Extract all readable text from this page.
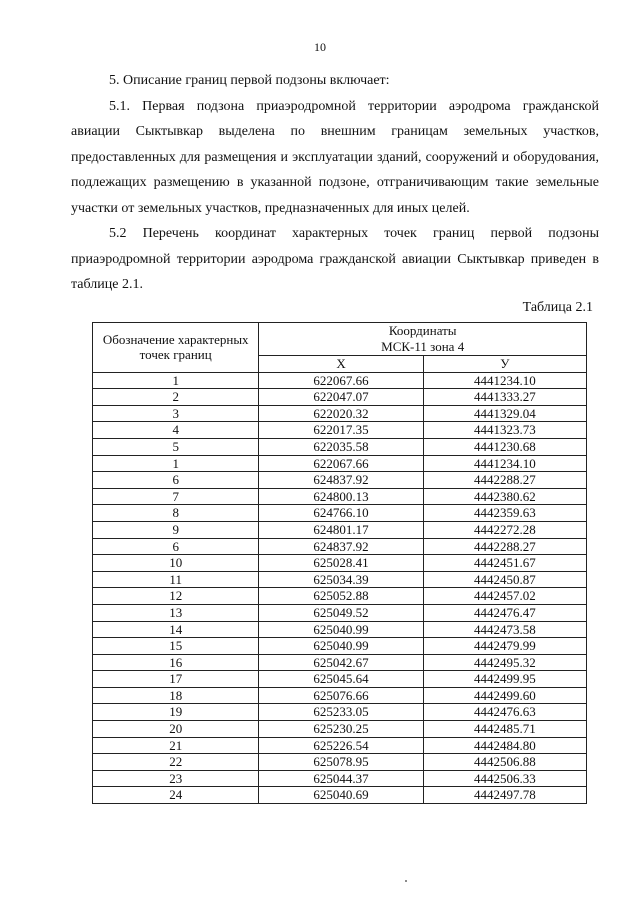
10

5. Описание границ первой подзоны включает:

5.1. Первая подзона приаэродромной территории аэродрома гражданской авиации Сыктывкар выделена по внешним границам земельных участков, предоставленных для размещения и эксплуатации зданий, сооружений и оборудования, подлежащих размещению в указанной подзоне, отграничивающим такие земельные участки от земельных участков, предназначенных для иных целей.

5.2 Перечень координат характерных точек границ первой подзоны приаэродромной территории аэродрома гражданской авиации Сыктывкар приведен в таблице 2.1.

Таблица 2.1
Обозначение характерных точек границ	Координаты
МСК-11 зона 4	
	Х	У
1	622067.66	4441234.10
2	622047.07	4441333.27
3	622020.32	4441329.04
4	622017.35	4441323.73
5	622035.58	4441230.68
1	622067.66	4441234.10
6	624837.92	4442288.27
7	624800.13	4442380.62
8	624766.10	4442359.63
9	624801.17	4442272.28
6	624837.92	4442288.27
10	625028.41	4442451.67
11	625034.39	4442450.87
12	625052.88	4442457.02
13	625049.52	4442476.47
14	625040.99	4442473.58
15	625040.99	4442479.99
16	625042.67	4442495.32
17	625045.64	4442499.95
18	625076.66	4442499.60
19	625233.05	4442476.63
20	625230.25	4442485.71
21	625226.54	4442484.80
22	625078.95	4442506.88
23	625044.37	4442506.33
24	625040.69	4442497.78
